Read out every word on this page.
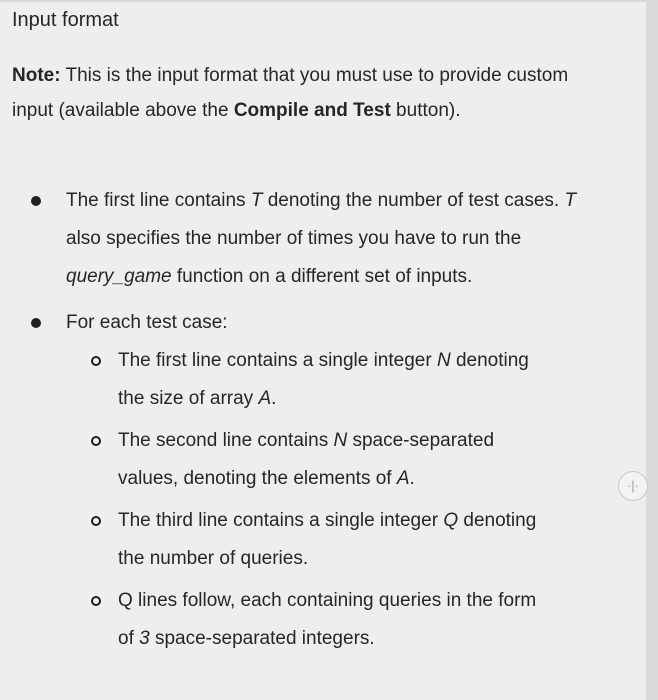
Input format
Note: This is the input format that you must use to provide custom input (available above the Compile and Test button).
The first line contains T denoting the number of test cases. T also specifies the number of times you have to run the query_game function on a different set of inputs.
For each test case:
The first line contains a single integer N denoting the size of array A.
The second line contains N space-separated values, denoting the elements of A.
The third line contains a single integer Q denoting the number of queries.
Q lines follow, each containing queries in the form of 3 space-separated integers.
·|·
